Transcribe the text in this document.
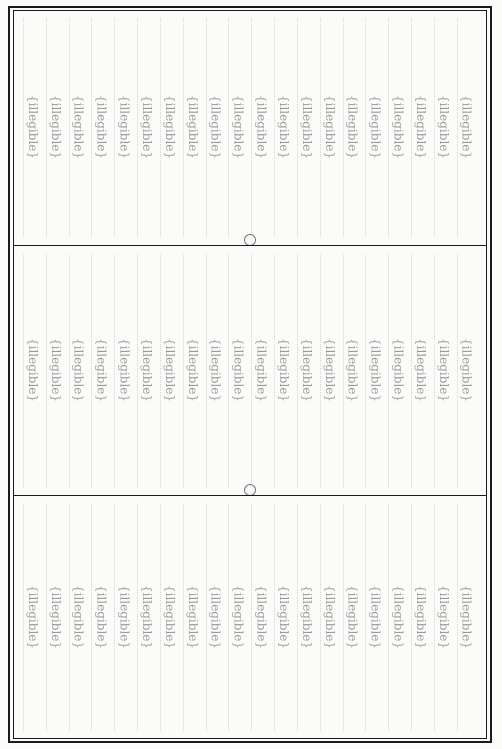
{illegible}
{illegible}
{illegible}
{illegible}
{illegible}
{illegible}
{illegible}
{illegible}
{illegible}
{illegible}
{illegible}
{illegible}
{illegible}
{illegible}
{illegible}
{illegible}
{illegible}
{illegible}
{illegible}
{illegible}
{illegible}
{illegible}
{illegible}
{illegible}
{illegible}
{illegible}
{illegible}
{illegible}
{illegible}
{illegible}
{illegible}
{illegible}
{illegible}
{illegible}
{illegible}
{illegible}
{illegible}
{illegible}
{illegible}
{illegible}
{illegible}
{illegible}
{illegible}
{illegible}
{illegible}
{illegible}
{illegible}
{illegible}
{illegible}
{illegible}
{illegible}
{illegible}
{illegible}
{illegible}
{illegible}
{illegible}
{illegible}
{illegible}
{illegible}
{illegible}
